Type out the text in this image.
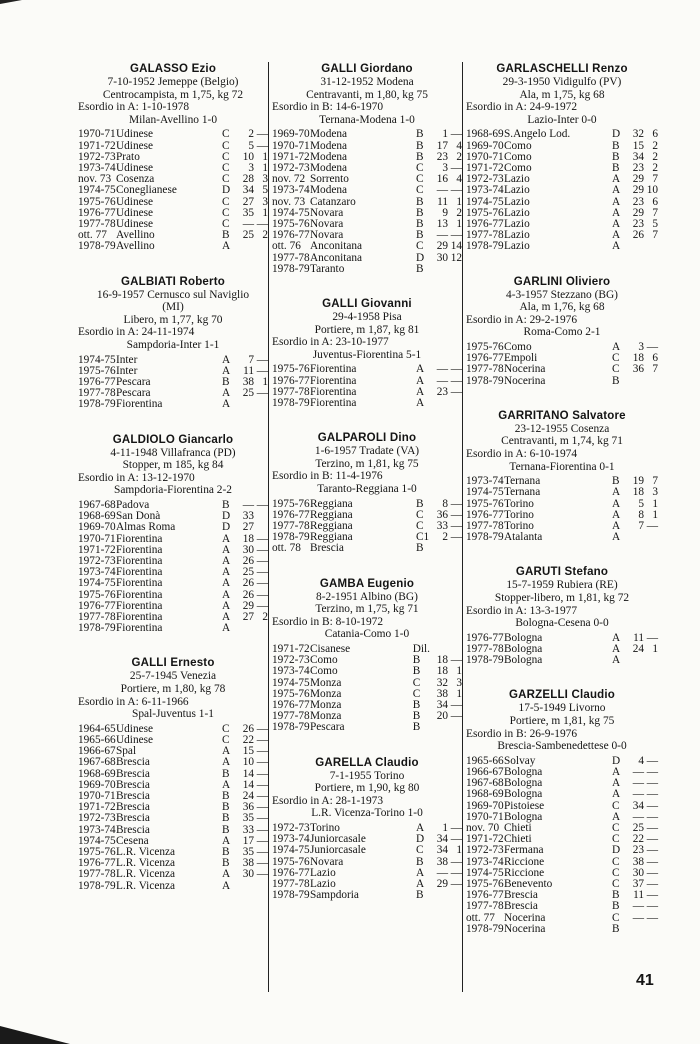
GALASSO Ezio
7-10-1952 Jemeppe (Belgio)
Centrocampista, m 1,75, kg 72
Esordio in A: 1-10-1978
Milan-Avellino 1-0
1970-71	Udinese	C	2	—
1971-72	Udinese	C	5	—
1972-73	Prato	C	10	1
1973-74	Udinese	C	3	1
nov. 73	Cosenza	C	28	3
1974-75	Coneglianese	D	34	5
1975-76	Udinese	C	27	3
1976-77	Udinese	C	35	1
1977-78	Udinese	C	—	—
ott. 77	Avellino	B	25	2
1978-79	Avellino	A		
GALBIATI Roberto
16-9-1957 Cernusco sul Naviglio
(MI)
Libero, m 1,77, kg 70
Esordio in A: 24-11-1974
Sampdoria-Inter 1-1
1974-75	Inter	A	7	—
1975-76	Inter	A	11	—
1976-77	Pescara	B	38	1
1977-78	Pescara	A	25	—
1978-79	Fiorentina	A		
GALDIOLO Giancarlo
4-11-1948 Villafranca (PD)
Stopper, m 185, kg 84
Esordio in A: 13-12-1970
Sampdoria-Fiorentina 2-2
1967-68	Padova	B	—	—
1968-69	San Donà	D	33	
1969-70	Almas Roma	D	27	
1970-71	Fiorentina	A	18	—
1971-72	Fiorentina	A	30	—
1972-73	Fiorentina	A	26	—
1973-74	Fiorentina	A	25	—
1974-75	Fiorentina	A	26	—
1975-76	Fiorentina	A	26	—
1976-77	Fiorentina	A	29	—
1977-78	Fiorentina	A	27	2
1978-79	Fiorentina	A		
GALLI Ernesto
25-7-1945 Venezia
Portiere, m 1,80, kg 78
Esordio in A: 6-11-1966
Spal-Juventus 1-1
1964-65	Udinese	C	26	—
1965-66	Udinese	C	22	—
1966-67	Spal	A	15	—
1967-68	Brescia	A	10	—
1968-69	Brescia	B	14	—
1969-70	Brescia	A	14	—
1970-71	Brescia	B	24	—
1971-72	Brescia	B	36	—
1972-73	Brescia	B	35	—
1973-74	Brescia	B	33	—
1974-75	Cesena	A	17	—
1975-76	L.R. Vicenza	B	35	—
1976-77	L.R. Vicenza	B	38	—
1977-78	L.R. Vicenza	A	30	—
1978-79	L.R. Vicenza	A		
GALLI Giordano
31-12-1952 Modena
Centravanti, m 1,80, kg 75
Esordio in B: 14-6-1970
Ternana-Modena 1-0
1969-70	Modena	B	1	—
1970-71	Modena	B	17	4
1971-72	Modena	B	23	2
1972-73	Modena	C	3	—
nov. 72	Sorrento	C	16	4
1973-74	Modena	C	—	—
nov. 73	Catanzaro	B	11	1
1974-75	Novara	B	9	2
1975-76	Novara	B	13	1
1976-77	Novara	B	—	—
ott. 76	Anconitana	C	29	14
1977-78	Anconitana	D	30	12
1978-79	Taranto	B		
GALLI Giovanni
29-4-1958 Pisa
Portiere, m 1,87, kg 81
Esordio in A: 23-10-1977
Juventus-Fiorentina 5-1
1975-76	Fiorentina	A	—	—
1976-77	Fiorentina	A	—	—
1977-78	Fiorentina	A	23	—
1978-79	Fiorentina	A		
GALPAROLI Dino
1-6-1957 Tradate (VA)
Terzino, m 1,81, kg 75
Esordio in B: 11-4-1976
Taranto-Reggiana 1-0
1975-76	Reggiana	B	8	—
1976-77	Reggiana	C	36	—
1977-78	Reggiana	C	33	—
1978-79	Reggiana	C1	2	—
ott. 78	Brescia	B		
GAMBA Eugenio
8-2-1951 Albino (BG)
Terzino, m 1,75, kg 71
Esordio in B: 8-10-1972
Catania-Como 1-0
1971-72	Cisanese	Dil.		
1972-73	Como	B	18	—
1973-74	Como	B	18	1
1974-75	Monza	C	32	3
1975-76	Monza	C	38	1
1976-77	Monza	B	34	—
1977-78	Monza	B	20	—
1978-79	Pescara	B		
GARELLA Claudio
7-1-1955 Torino
Portiere, m 1,90, kg 80
Esordio in A: 28-1-1973
L.R. Vicenza-Torino 1-0
1972-73	Torino	A	1	—
1973-74	Juniorcasale	D	34	—
1974-75	Juniorcasale	C	34	1
1975-76	Novara	B	38	—
1976-77	Lazio	A	—	—
1977-78	Lazio	A	29	—
1978-79	Sampdoria	B		
GARLASCHELLI Renzo
29-3-1950 Vidigulfo (PV)
Ala, m 1,75, kg 68
Esordio in A: 24-9-1972
Lazio-Inter 0-0
1968-69	S.Angelo Lod.	D	32	6
1969-70	Como	B	15	2
1970-71	Como	B	34	2
1971-72	Como	B	23	2
1972-73	Lazio	A	29	7
1973-74	Lazio	A	29	10
1974-75	Lazio	A	23	6
1975-76	Lazio	A	29	7
1976-77	Lazio	A	23	5
1977-78	Lazio	A	26	7
1978-79	Lazio	A		
GARLINI Oliviero
4-3-1957 Stezzano (BG)
Ala, m 1,76, kg 68
Esordio in A: 29-2-1976
Roma-Como 2-1
1975-76	Como	A	3	—
1976-77	Empoli	C	18	6
1977-78	Nocerina	C	36	7
1978-79	Nocerina	B		
GARRITANO Salvatore
23-12-1955 Cosenza
Centravanti, m 1,74, kg 71
Esordio in A: 6-10-1974
Ternana-Fiorentina 0-1
1973-74	Ternana	B	19	7
1974-75	Ternana	A	18	3
1975-76	Torino	A	5	1
1976-77	Torino	A	8	1
1977-78	Torino	A	7	—
1978-79	Atalanta	A		
GARUTI Stefano
15-7-1959 Rubiera (RE)
Stopper-libero, m 1,81, kg 72
Esordio in A: 13-3-1977
Bologna-Cesena 0-0
1976-77	Bologna	A	11	—
1977-78	Bologna	A	24	1
1978-79	Bologna	A		
GARZELLI Claudio
17-5-1949 Livorno
Portiere, m 1,81, kg 75
Esordio in B: 26-9-1976
Brescia-Sambenedettese 0-0
1965-66	Solvay	D	4	—
1966-67	Bologna	A	—	—
1967-68	Bologna	A	—	—
1968-69	Bologna	A	—	—
1969-70	Pistoiese	C	34	—
1970-71	Bologna	A	—	—
nov. 70	Chieti	C	25	—
1971-72	Chieti	C	22	—
1972-73	Fermana	D	23	—
1973-74	Riccione	C	38	—
1974-75	Riccione	C	30	—
1975-76	Benevento	C	37	—
1976-77	Brescia	B	11	—
1977-78	Brescia	B	—	—
ott. 77	Nocerina	C	—	—
1978-79	Nocerina	B		
41
